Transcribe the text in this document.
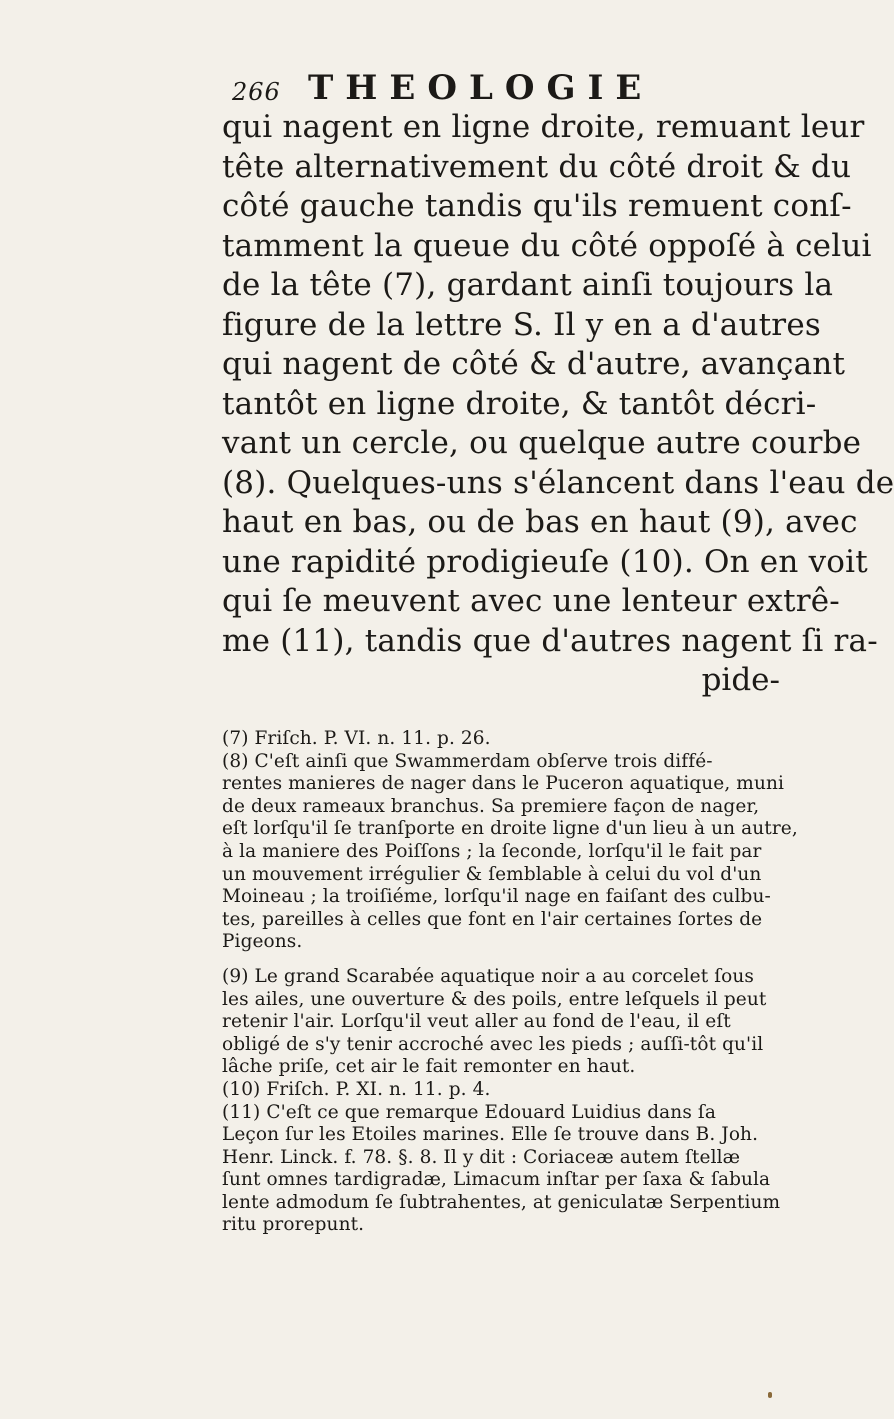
266 THEOLOGIE
qui nagent en ligne droite, remuant leur
tête alternativement du côté droit & du
côté gauche tandis qu'ils remuent conſ-
tamment la queue du côté oppoſé à celui
de la tête (7), gardant ainſi toujours la
figure de la lettre S. Il y en a d'autres
qui nagent de côté & d'autre, avançant
tantôt en ligne droite, & tantôt décri-
vant un cercle, ou quelque autre courbe
(8). Quelques-uns s'élancent dans l'eau de
haut en bas, ou de bas en haut (9), avec
une rapidité prodigieuſe (10). On en voit
qui ſe meuvent avec une lenteur extrê-
me (11), tandis que d'autres nagent ſi ra-
pide-
(7) Friſch. P. VI. n. 11. p. 26.
(8) C'eſt ainſi que Swammerdam obſerve trois diffé-
rentes manieres de nager dans le Puceron aquatique, muni
de deux rameaux branchus. Sa premiere façon de nager,
eſt lorſqu'il ſe tranſporte en droite ligne d'un lieu à un autre,
à la maniere des Poiſſons ; la ſeconde, lorſqu'il le fait par
un mouvement irrégulier & ſemblable à celui du vol d'un
Moineau ; la troiſiéme, lorſqu'il nage en faiſant des culbu-
tes, pareilles à celles que font en l'air certaines ſortes de
Pigeons.
(9) Le grand Scarabée aquatique noir a au corcelet ſous
les ailes, une ouverture & des poils, entre leſquels il peut
retenir l'air. Lorſqu'il veut aller au fond de l'eau, il eſt
obligé de s'y tenir accroché avec les pieds ; auſſi-tôt qu'il
lâche priſe, cet air le fait remonter en haut.
(10) Friſch. P. XI. n. 11. p. 4.
(11) C'eſt ce que remarque Edouard Luidius dans ſa
Leçon ſur les Etoiles marines. Elle ſe trouve dans B. Joh.
Henr. Linck. f. 78. §. 8. Il y dit : Coriaceæ autem ſtellæ
ſunt omnes tardigradæ, Limacum inſtar per ſaxa & ſabula
lente admodum ſe ſubtrahentes, at geniculatæ Serpentium
ritu prorepunt.
